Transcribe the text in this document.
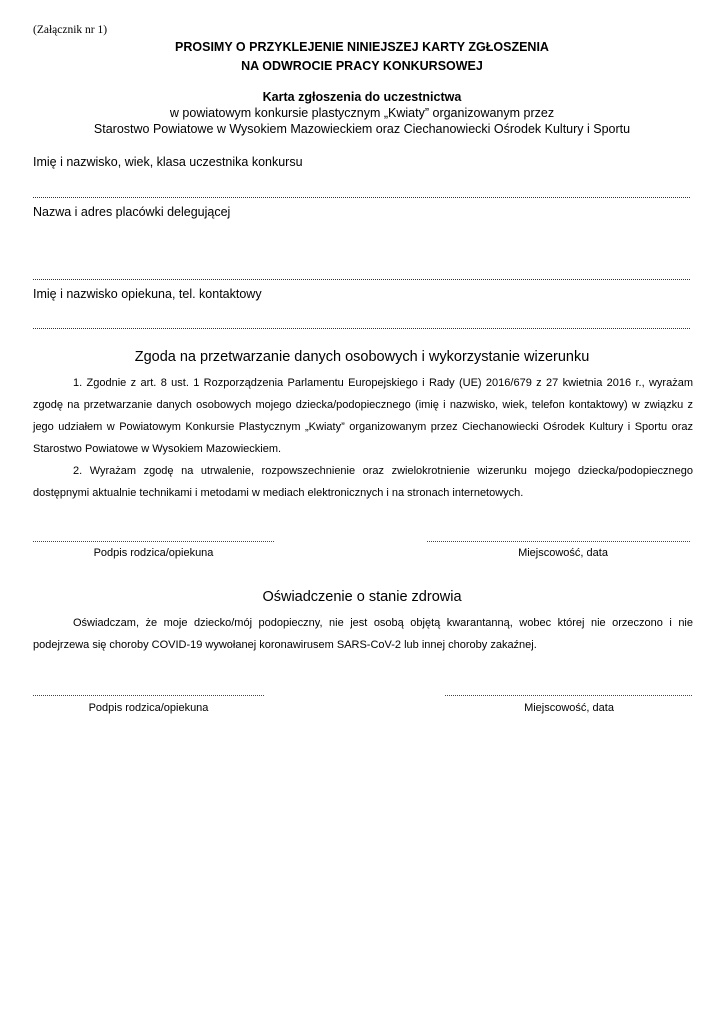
(Załącznik nr 1)
PROSIMY O PRZYKLEJENIE NINIEJSZEJ KARTY ZGŁOSZENIA
NA ODWROCIE PRACY KONKURSOWEJ
Karta zgłoszenia do uczestnictwa
w powiatowym konkursie plastycznym „Kwiaty” organizowanym przez
Starostwo Powiatowe w Wysokiem Mazowieckiem oraz Ciechanowiecki Ośrodek Kultury i Sportu
Imię i nazwisko, wiek, klasa uczestnika konkursu
Nazwa i adres placówki delegującej
Imię i nazwisko opiekuna, tel. kontaktowy
Zgoda na przetwarzanie danych osobowych i wykorzystanie wizerunku

1. Zgodnie z art. 8 ust. 1 Rozporządzenia Parlamentu Europejskiego i Rady (UE) 2016/679 z 27 kwietnia 2016 r., wyrażam zgodę na przetwarzanie danych osobowych mojego dziecka/podopiecznego (imię i nazwisko, wiek, telefon kontaktowy) w związku z jego udziałem w Powiatowym Konkursie Plastycznym „Kwiaty” organizowanym przez Ciechanowiecki Ośrodek Kultury i Sportu oraz Starostwo Powiatowe w Wysokiem Mazowieckiem.

2. Wyrażam zgodę na utrwalenie, rozpowszechnienie oraz zwielokrotnienie wizerunku mojego dziecka/podopiecznego dostępnymi aktualnie technikami i metodami w mediach elektronicznych i na stronach internetowych.

Podpis rodzica/opiekuna	Miejscowość, data
Oświadczenie o stanie zdrowia

Oświadczam, że moje dziecko/mój podopieczny, nie jest osobą objętą kwarantanną, wobec której nie orzeczono i nie podejrzewa się choroby COVID-19 wywołanej koronawirusem SARS-CoV-2 lub innej choroby zakaźnej.

Podpis rodzica/opiekuna	Miejscowość, data
